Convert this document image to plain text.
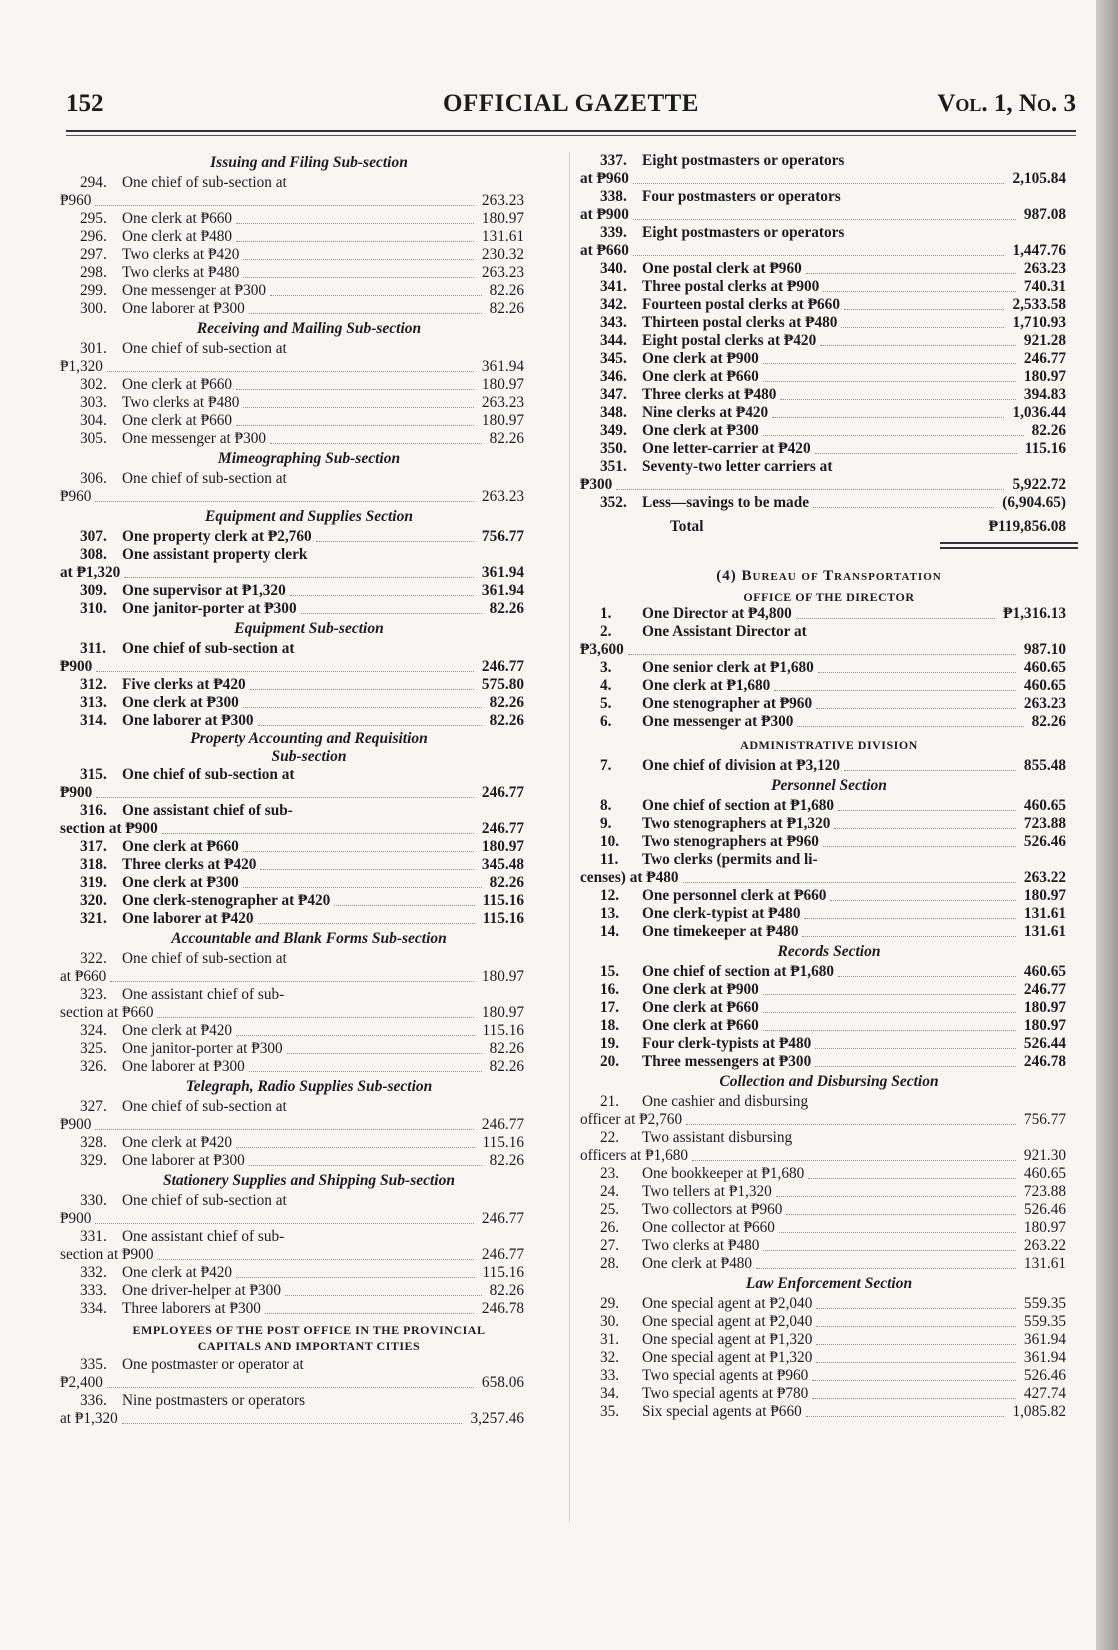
152	OFFICIAL GAZETTE	Vol. 1, No. 3
Issuing and Filing Sub-section
294. One chief of sub-section at
₱960	263.23
295. One clerk at ₱660	180.97
296. One clerk at ₱480	131.61
297. Two clerks at ₱420	230.32
298. Two clerks at ₱480	263.23
299. One messenger at ₱300	82.26
300. One laborer at ₱300	82.26
Receiving and Mailing Sub-section
301. One chief of sub-section at
₱1,320	361.94
302. One clerk at ₱660	180.97
303. Two clerks at ₱480	263.23
304. One clerk at ₱660	180.97
305. One messenger at ₱300	82.26
Mimeographing Sub-section
306. One chief of sub-section at
₱960	263.23
Equipment and Supplies Section
307. One property clerk at ₱2,760	756.77
308. One assistant property clerk
at ₱1,320	361.94
309. One supervisor at ₱1,320	361.94
310. One janitor-porter at ₱300	82.26
Equipment Sub-section
311. One chief of sub-section at
₱900	246.77
312. Five clerks at ₱420	575.80
313. One clerk at ₱300	82.26
314. One laborer at ₱300	82.26
Property Accounting and Requisition
Sub-section
315. One chief of sub-section at
₱900	246.77
316. One assistant chief of sub-
section at ₱900	246.77
317. One clerk at ₱660	180.97
318. Three clerks at ₱420	345.48
319. One clerk at ₱300	82.26
320. One clerk-stenographer at ₱420	115.16
321. One laborer at ₱420	115.16
Accountable and Blank Forms Sub-section
322. One chief of sub-section at
at ₱660	180.97
323. One assistant chief of sub-
section at ₱660	180.97
324. One clerk at ₱420	115.16
325. One janitor-porter at ₱300	82.26
326. One laborer at ₱300	82.26
Telegraph, Radio Supplies Sub-section
327. One chief of sub-section at
₱900	246.77
328. One clerk at ₱420	115.16
329. One laborer at ₱300	82.26
Stationery Supplies and Shipping Sub-section
330. One chief of sub-section at
₱900	246.77
331. One assistant chief of sub-
section at ₱900	246.77
332. One clerk at ₱420	115.16
333. One driver-helper at ₱300	82.26
334. Three laborers at ₱300	246.78
EMPLOYEES OF THE POST OFFICE IN THE PROVINCIAL
CAPITALS AND IMPORTANT CITIES
335. One postmaster or operator at
₱2,400	658.06
336. Nine postmasters or operators
at ₱1,320	3,257.46
337. Eight postmasters or operators
at ₱960	2,105.84
338. Four postmasters or operators
at ₱900	987.08
339. Eight postmasters or operators
at ₱660	1,447.76
340. One postal clerk at ₱960	263.23
341. Three postal clerks at ₱900	740.31
342. Fourteen postal clerks at ₱660	2,533.58
343. Thirteen postal clerks at ₱480	1,710.93
344. Eight postal clerks at ₱420	921.28
345. One clerk at ₱900	246.77
346. One clerk at ₱660	180.97
347. Three clerks at ₱480	394.83
348. Nine clerks at ₱420	1,036.44
349. One clerk at ₱300	82.26
350. One letter-carrier at ₱420	115.16
351. Seventy-two letter carriers at
₱300	5,922.72
352. Less—savings to be made	(6,904.65)
Total	₱119,856.08
(4) Bureau of Transportation
OFFICE OF THE DIRECTOR
1. One Director at ₱4,800	₱1,316.13
2. One Assistant Director at
₱3,600	987.10
3. One senior clerk at ₱1,680	460.65
4. One clerk at ₱1,680	460.65
5. One stenographer at ₱960	263.23
6. One messenger at ₱300	82.26
ADMINISTRATIVE DIVISION
7. One chief of division at ₱3,120	855.48
Personnel Section
8. One chief of section at ₱1,680	460.65
9. Two stenographers at ₱1,320	723.88
10. Two stenographers at ₱960	526.46
11. Two clerks (permits and li-
censes) at ₱480	263.22
12. One personnel clerk at ₱660	180.97
13. One clerk-typist at ₱480	131.61
14. One timekeeper at ₱480	131.61
Records Section
15. One chief of section at ₱1,680	460.65
16. One clerk at ₱900	246.77
17. One clerk at ₱660	180.97
18. One clerk at ₱660	180.97
19. Four clerk-typists at ₱480	526.44
20. Three messengers at ₱300	246.78
Collection and Disbursing Section
21. One cashier and disbursing
officer at ₱2,760	756.77
22. Two assistant disbursing
officers at ₱1,680	921.30
23. One bookkeeper at ₱1,680	460.65
24. Two tellers at ₱1,320	723.88
25. Two collectors at ₱960	526.46
26. One collector at ₱660	180.97
27. Two clerks at ₱480	263.22
28. One clerk at ₱480	131.61
Law Enforcement Section
29. One special agent at ₱2,040	559.35
30. One special agent at ₱2,040	559.35
31. One special agent at ₱1,320	361.94
32. One special agent at ₱1,320	361.94
33. Two special agents at ₱960	526.46
34. Two special agents at ₱780	427.74
35. Six special agents at ₱660	1,085.82
